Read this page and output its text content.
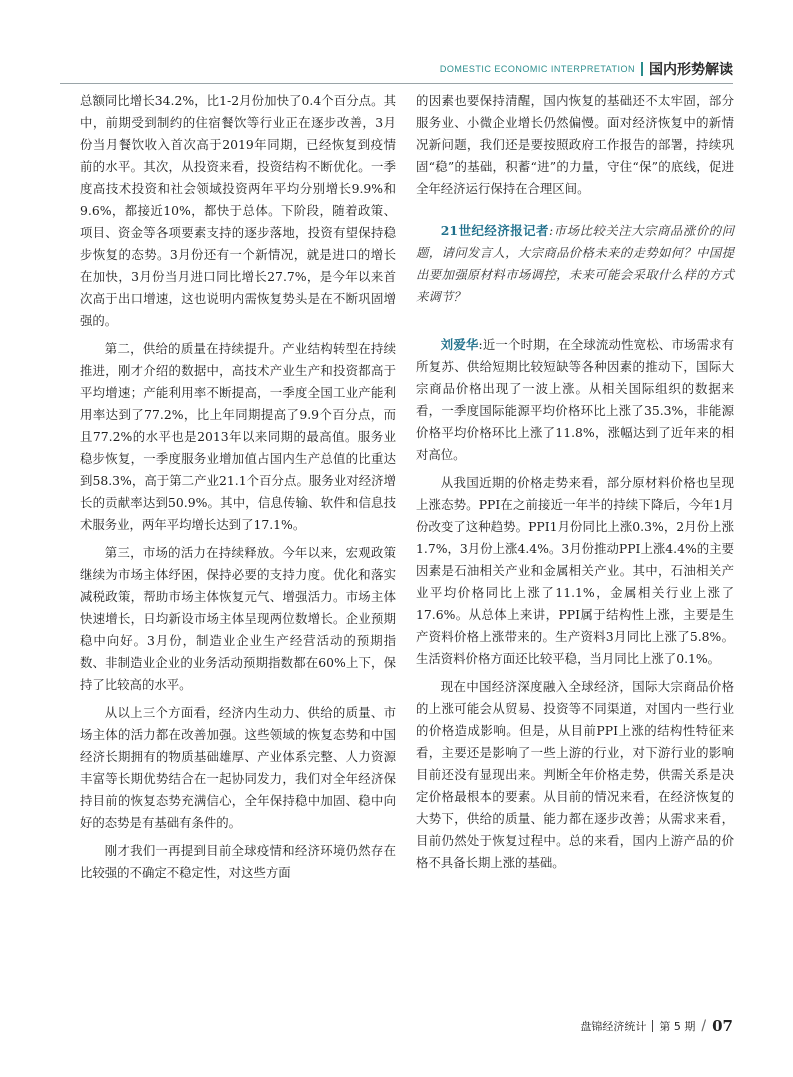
DOMESTIC ECONOMIC INTERPRETATION 国内形势解读

总额同比增长34.2%，比1-2月份加快了0.4个百分点。其中，前期受到制约的住宿餐饮等行业正在逐步改善，3月份当月餐饮收入首次高于2019年同期，已经恢复到疫情前的水平。其次，从投资来看，投资结构不断优化。一季度高技术投资和社会领域投资两年平均分别增长9.9%和9.6%，都接近10%，都快于总体。下阶段，随着政策、项目、资金等各项要素支持的逐步落地，投资有望保持稳步恢复的态势。3月份还有一个新情况，就是进口的增长在加快，3月份当月进口同比增长27.7%，是今年以来首次高于出口增速，这也说明内需恢复势头是在不断巩固增强的。

第二，供给的质量在持续提升。产业结构转型在持续推进，刚才介绍的数据中，高技术产业生产和投资都高于平均增速；产能利用率不断提高，一季度全国工业产能利用率达到了77.2%，比上年同期提高了9.9个百分点，而且77.2%的水平也是2013年以来同期的最高值。服务业稳步恢复，一季度服务业增加值占国内生产总值的比重达到58.3%，高于第二产业21.1个百分点。服务业对经济增长的贡献率达到50.9%。其中，信息传输、软件和信息技术服务业，两年平均增长达到了17.1%。

第三，市场的活力在持续释放。今年以来，宏观政策继续为市场主体纾困，保持必要的支持力度。优化和落实减税政策，帮助市场主体恢复元气、增强活力。市场主体快速增长，日均新设市场主体呈现两位数增长。企业预期稳中向好。3月份，制造业企业生产经营活动的预期指数、非制造业企业的业务活动预期指数都在60%上下，保持了比较高的水平。

从以上三个方面看，经济内生动力、供给的质量、市场主体的活力都在改善加强。这些领域的恢复态势和中国经济长期拥有的物质基础雄厚、产业体系完整、人力资源丰富等长期优势结合在一起协同发力，我们对全年经济保持目前的恢复态势充满信心，全年保持稳中加固、稳中向好的态势是有基础有条件的。

刚才我们一再提到目前全球疫情和经济环境仍然存在比较强的不确定不稳定性，对这些方面

的因素也要保持清醒，国内恢复的基础还不太牢固，部分服务业、小微企业增长仍然偏慢。面对经济恢复中的新情况新问题，我们还是要按照政府工作报告的部署，持续巩固“稳”的基础，积蓄“进”的力量，守住“保”的底线，促进全年经济运行保持在合理区间。

21世纪经济报记者:市场比较关注大宗商品涨价的问题，请问发言人，大宗商品价格未来的走势如何？中国提出要加强原材料市场调控，未来可能会采取什么样的方式来调节？

刘爱华:近一个时期，在全球流动性宽松、市场需求有所复苏、供给短期比较短缺等各种因素的推动下，国际大宗商品价格出现了一波上涨。从相关国际组织的数据来看，一季度国际能源平均价格环比上涨了35.3%，非能源价格平均价格环比上涨了11.8%，涨幅达到了近年来的相对高位。

从我国近期的价格走势来看，部分原材料价格也呈现上涨态势。PPI在之前接近一年半的持续下降后，今年1月份改变了这种趋势。PPI1月份同比上涨0.3%，2月份上涨1.7%，3月份上涨4.4%。3月份推动PPI上涨4.4%的主要因素是石油相关产业和金属相关产业。其中，石油相关产业平均价格同比上涨了11.1%，金属相关行业上涨了17.6%。从总体上来讲，PPI属于结构性上涨，主要是生产资料价格上涨带来的。生产资料3月同比上涨了5.8%。生活资料价格方面还比较平稳，当月同比上涨了0.1%。

现在中国经济深度融入全球经济，国际大宗商品价格的上涨可能会从贸易、投资等不同渠道，对国内一些行业的价格造成影响。但是，从目前PPI上涨的结构性特征来看，主要还是影响了一些上游的行业，对下游行业的影响目前还没有显现出来。判断全年价格走势，供需关系是决定价格最根本的要素。从目前的情况来看，在经济恢复的大势下，供给的质量、能力都在逐步改善；从需求来看，目前仍然处于恢复过程中。总的来看，国内上游产品的价格不具备长期上涨的基础。

盘锦经济统计 第 5 期 / 07
